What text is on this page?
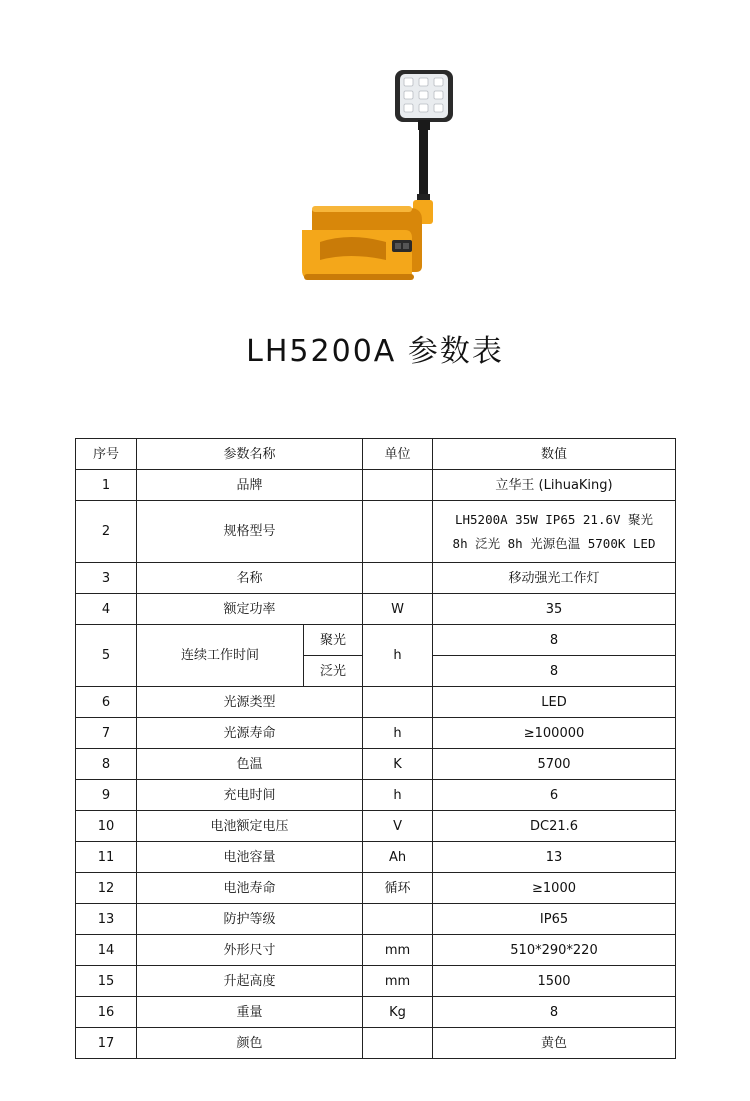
LH5200A 参数表
序号	参数名称		单位	数值
1	品牌			立华王 (LihuaKing)
2	规格型号			LH5200A 35W IP65 21.6V 聚光
8h 泛光 8h 光源色温 5700K LED

3	名称			移动强光工作灯
4	额定功率		W	35
5	连续工作时间	聚光	h	8
		泛光		8
6	光源类型			LED
7	光源寿命		h	≥100000
8	色温		K	5700
9	充电时间		h	6
10	电池额定电压		V	DC21.6
11	电池容量		Ah	13
12	电池寿命		循环	≥1000
13	防护等级			IP65
14	外形尺寸		mm	510*290*220
15	升起高度		mm	1500
16	重量		Kg	8
17	颜色			黄色
